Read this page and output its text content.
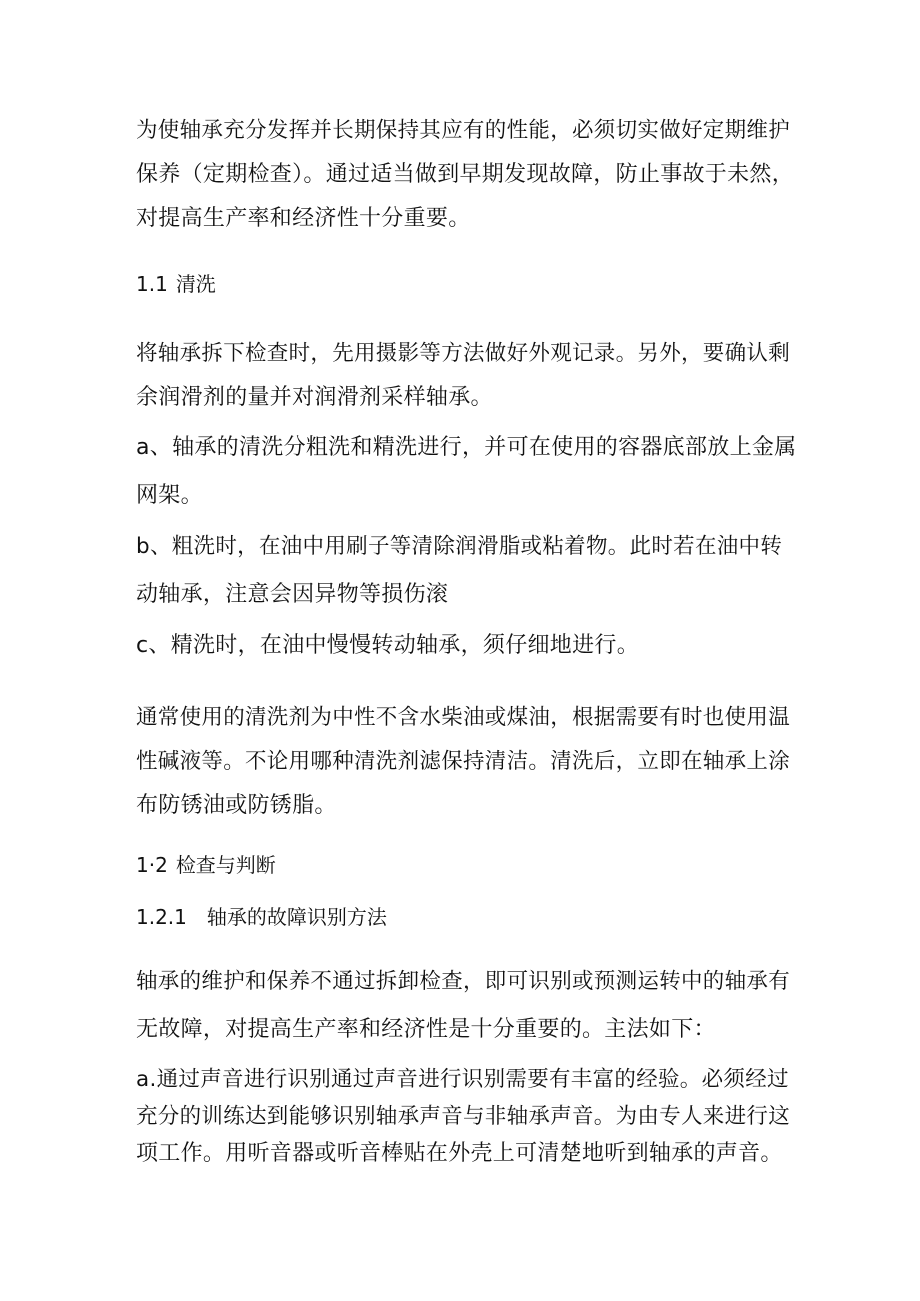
为使轴承充分发挥并长期保持其应有的性能，必须切实做好定期维护
保养（定期检查）。通过适当做到早期发现故障，防止事故于未然，
对提高生产率和经济性十分重要。

1.1 清洗

将轴承拆下检查时，先用摄影等方法做好外观记录。另外，要确认剩
余润滑剂的量并对润滑剂采样轴承。

a、轴承的清洗分粗洗和精洗进行，并可在使用的容器底部放上金属
网架。

b、粗洗时，在油中用刷子等清除润滑脂或粘着物。此时若在油中转
动轴承，注意会因异物等损伤滚

c、精洗时，在油中慢慢转动轴承，须仔细地进行。

通常使用的清洗剂为中性不含水柴油或煤油，根据需要有时也使用温
性碱液等。不论用哪种清洗剂滤保持清洁。清洗后，立即在轴承上涂
布防锈油或防锈脂。

1·2 检查与判断
1.2.1 轴承的故障识别方法

轴承的维护和保养不通过拆卸检查，即可识别或预测运转中的轴承有
无故障，对提高生产率和经济性是十分重要的。主法如下：

a.通过声音进行识别通过声音进行识别需要有丰富的经验。必须经过
充分的训练达到能够识别轴承声音与非轴承声音。为由专人来进行这
项工作。用听音器或听音棒贴在外壳上可清楚地听到轴承的声音。
